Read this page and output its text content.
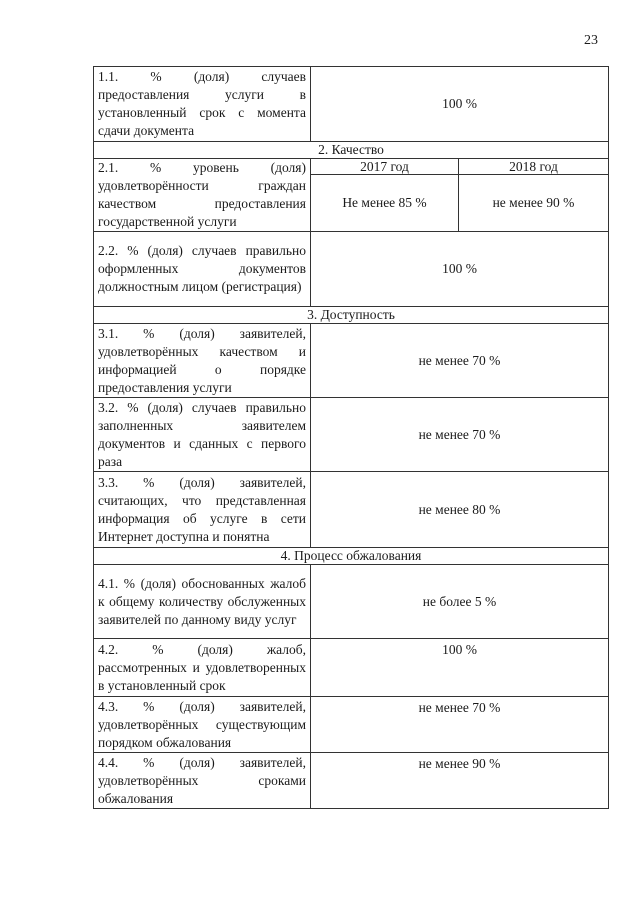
23
1.1. % (доля) случаев предоставления услуги в установленный срок с момента сдачи документа	100 %	
2. Качество		
2.1. % уровень (доля) удовлетворённости граждан качеством предоставления государственной услуги	2017 год	2018 год
	Не менее 85 %	не менее 90 %
2.2. % (доля) случаев правильно оформленных документов должностным лицом (регистрация)	100 %	
3. Доступность		
3.1. % (доля) заявителей, удовлетворённых качеством и информацией о порядке предоставления услуги	не менее 70 %	
3.2. % (доля) случаев правильно заполненных заявителем документов и сданных с первого раза	не менее 70 %	
3.3. % (доля) заявителей, считающих, что представленная информация об услуге в сети Интернет доступна и понятна	не менее 80 %	
4. Процесс обжалования		
4.1. % (доля) обоснованных жалоб к общему количеству обслуженных заявителей по данному виду услуг	не более 5 %	
4.2. % (доля) жалоб, рассмотренных и удовлетворенных в установленный срок	100 %	
4.3. % (доля) заявителей, удовлетворённых существующим порядком обжалования	не менее 70 %	
4.4. % (доля) заявителей, удовлетворённых сроками обжалования	не менее 90 %	
